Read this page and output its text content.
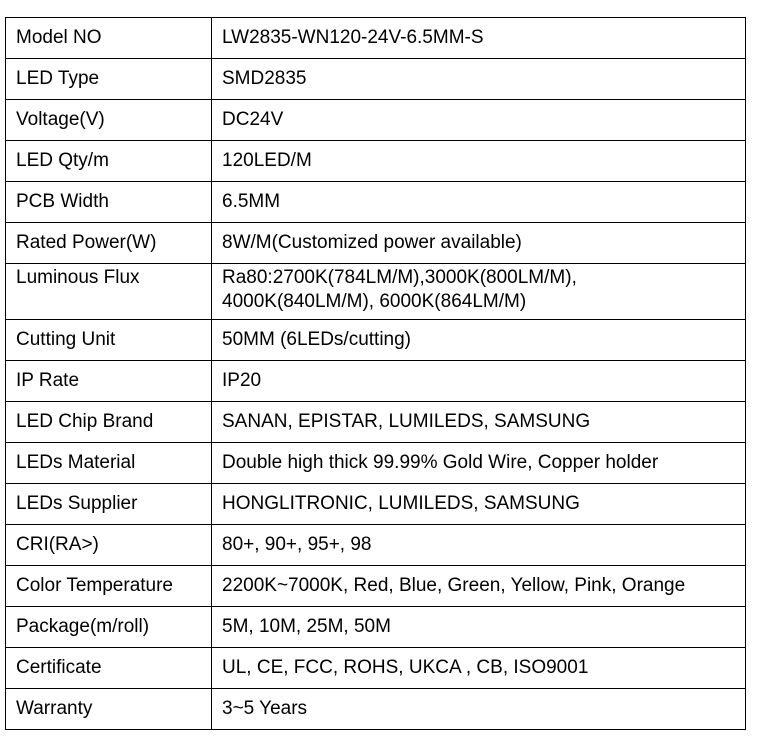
Model NO	LW2835-WN120-24V-6.5MM-S
LED Type	SMD2835
Voltage(V)	DC24V
LED Qty/m	120LED/M
PCB Width	6.5MM
Rated Power(W)	8W/M(Customized power available)
Luminous Flux	Ra80:2700K(784LM/M),3000K(800LM/M),
4000K(840LM/M), 6000K(864LM/M)

Cutting Unit	50MM (6LEDs/cutting)
IP Rate	IP20
LED Chip Brand	SANAN, EPISTAR, LUMILEDS, SAMSUNG
LEDs Material	Double high thick 99.99% Gold Wire, Copper holder
LEDs Supplier	HONGLITRONIC, LUMILEDS, SAMSUNG
CRI(RA>)	80+, 90+, 95+, 98
Color Temperature	2200K~7000K, Red, Blue, Green, Yellow, Pink, Orange
Package(m/roll)	5M, 10M, 25M, 50M
Certificate	UL, CE, FCC, ROHS, UKCA , CB, ISO9001
Warranty	3~5 Years
